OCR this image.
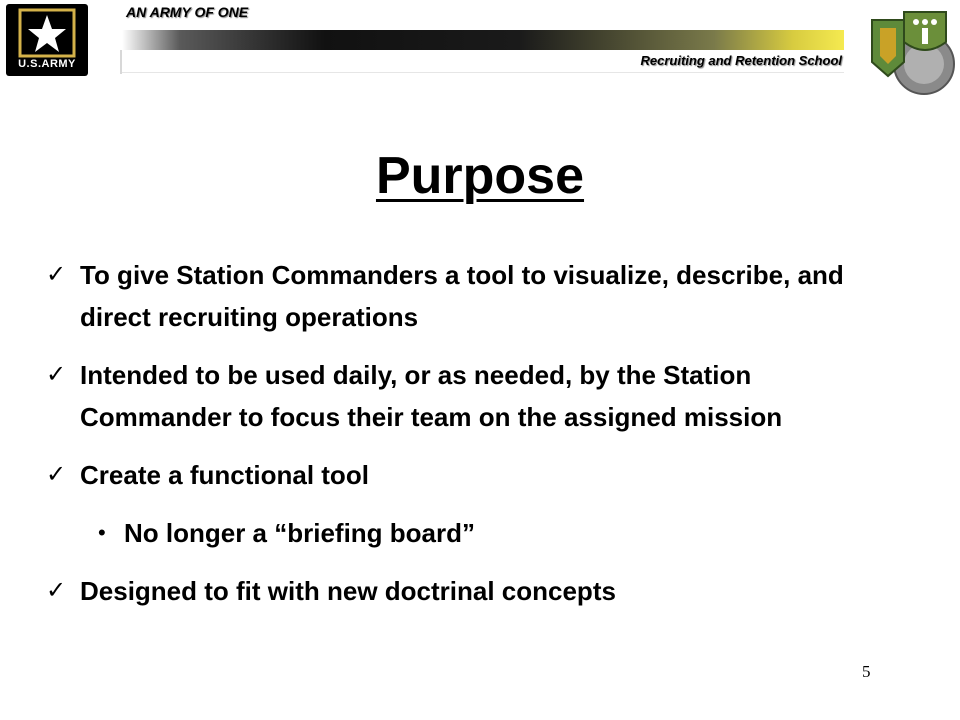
U.S.ARMY
AN ARMY OF ONE
Recruiting and Retention School
Purpose
✓ To give Station Commanders a tool to visualize, describe, and direct recruiting operations
✓ Intended to be used daily, or as needed, by the Station Commander to focus their team on the assigned mission
✓ Create a functional tool
• No longer a “briefing board”
✓ Designed to fit with new doctrinal concepts
5
